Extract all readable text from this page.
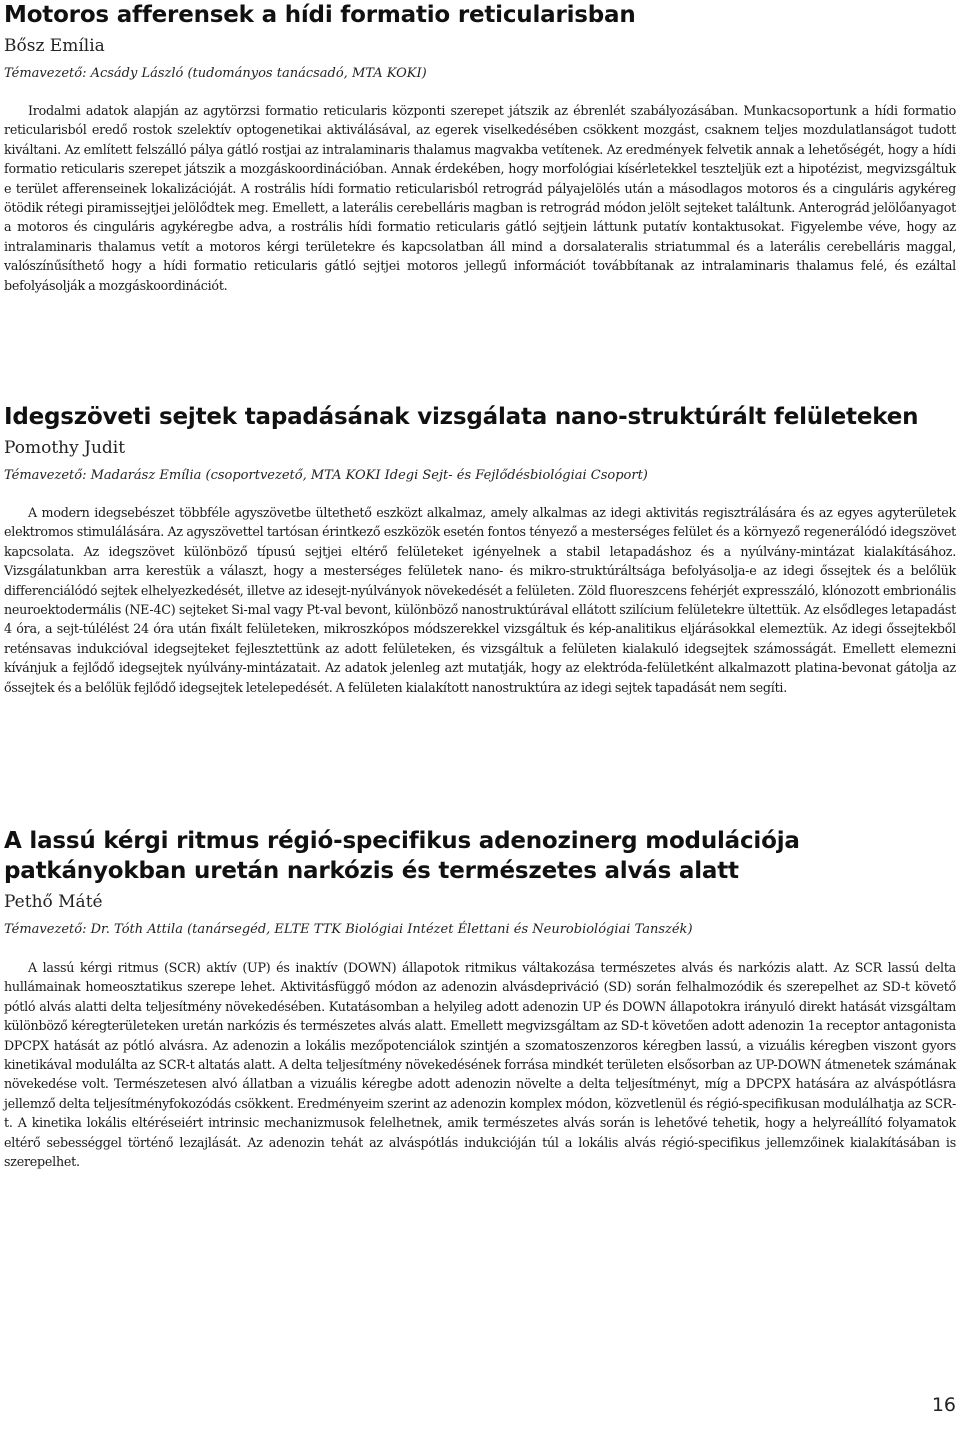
Motoros afferensek a hídi formatio reticularisban

Bősz Emília

Témavezető: Acsády László (tudományos tanácsadó, MTA KOKI)

Irodalmi adatok alapján az agytörzsi formatio reticularis központi szerepet játszik az ébrenlét szabályozásában. Munkacsoportunk a hídi formatio reticularisból eredő rostok szelektív optogenetikai aktiválásával, az egerek viselkedésében csökkent mozgást, csaknem teljes mozdulatlanságot tudott kiváltani. Az említett felszálló pálya gátló rostjai az intralaminaris thalamus magvakba vetítenek. Az eredmények felvetik annak a lehetőségét, hogy a hídi formatio reticularis szerepet játszik a mozgáskoordinációban. Annak érdekében, hogy morfológiai kísérletekkel teszteljük ezt a hipotézist, megvizsgáltuk e terület afferenseinek lokalizációját. A rostrális hídi formatio reticularisból retrográd pályajelölés után a másodlagos motoros és a cinguláris agykéreg ötödik rétegi piramissejtjei jelölődtek meg. Emellett, a laterális cerebelláris magban is retrográd módon jelölt sejteket találtunk. Anterográd jelölőanyagot a motoros és cinguláris agykéregbe adva, a rostrális hídi formatio reticularis gátló sejtjein láttunk putatív kontaktusokat. Figyelembe véve, hogy az intralaminaris thalamus vetít a motoros kérgi területekre és kapcsolatban áll mind a dorsalateralis striatummal és a laterális cerebelláris maggal, valószínűsíthető hogy a hídi formatio reticularis gátló sejtjei motoros jellegű információt továbbítanak az intralaminaris thalamus felé, és ezáltal befolyásolják a mozgáskoordinációt.

Idegszöveti sejtek tapadásának vizsgálata nano-struktúrált felületeken

Pomothy Judit

Témavezető: Madarász Emília (csoportvezető, MTA KOKI Idegi Sejt- és Fejlődésbiológiai Csoport)

A modern idegsebészet többféle agyszövetbe ültethető eszközt alkalmaz, amely alkalmas az idegi aktivitás regisztrálására és az egyes agyterületek elektromos stimulálására. Az agyszövettel tartósan érintkező eszközök esetén fontos tényező a mesterséges felület és a környező regenerálódó idegszövet kapcsolata. Az idegszövet különböző típusú sejtjei eltérő felületeket igényelnek a stabil letapadáshoz és a nyúlvány-mintázat kialakításához. Vizsgálatunkban arra kerestük a választ, hogy a mesterséges felületek nano- és mikro-struktúráltsága befolyásolja-e az idegi őssejtek és a belőlük differenciálódó sejtek elhelyezkedését, illetve az idesejt-nyúlványok növekedését a felületen. Zöld fluoreszcens fehérjét expresszáló, klónozott embrionális neuroektodermális (NE-4C) sejteket Si-mal vagy Pt-val bevont, különböző nanostruktúrával ellátott szilícium felületekre ültettük. Az elsődleges letapadást 4 óra, a sejt-túlélést 24 óra után fixált felületeken, mikroszkópos módszerekkel vizsgáltuk és kép-analitikus eljárásokkal elemeztük. Az idegi őssejtekből reténsavas indukcióval idegsejteket fejlesztettünk az adott felületeken, és vizsgáltuk a felületen kialakuló idegsejtek számosságát. Emellett elemezni kívánjuk a fejlődő idegsejtek nyúlvány-mintázatait. Az adatok jelenleg azt mutatják, hogy az elektróda-felületként alkalmazott platina-bevonat gátolja az őssejtek és a belőlük fejlődő idegsejtek letelepedését. A felületen kialakított nanostruktúra az idegi sejtek tapadását nem segíti.

A lassú kérgi ritmus régió-specifikus adenozinerg modulációja patkányokban uretán narkózis és természetes alvás alatt

Pethő Máté

Témavezető: Dr. Tóth Attila (tanársegéd, ELTE TTK Biológiai Intézet Élettani és Neurobiológiai Tanszék)

A lassú kérgi ritmus (SCR) aktív (UP) és inaktív (DOWN) állapotok ritmikus váltakozása természetes alvás és narkózis alatt. Az SCR lassú delta hullámainak homeosztatikus szerepe lehet. Aktivitásfüggő módon az adenozin alvásdepriváció (SD) során felhalmozódik és szerepelhet az SD-t követő pótló alvás alatti delta teljesítmény növekedésében. Kutatásomban a helyileg adott adenozin UP és DOWN állapotokra irányuló direkt hatását vizsgáltam különböző kéregterületeken uretán narkózis és természetes alvás alatt. Emellett megvizsgáltam az SD-t követően adott adenozin 1a receptor antagonista DPCPX hatását az pótló alvásra. Az adenozin a lokális mezőpotenciálok szintjén a szomatoszenzoros kéregben lassú, a vizuális kéregben viszont gyors kinetikával modulálta az SCR-t altatás alatt. A delta teljesítmény növekedésének forrása mindkét területen elsősorban az UP-DOWN átmenetek számának növekedése volt. Természetesen alvó állatban a vizuális kéregbe adott adenozin növelte a delta teljesítményt, míg a DPCPX hatására az alváspótlásra jellemző delta teljesítményfokozódás csökkent. Eredményeim szerint az adenozin komplex módon, közvetlenül és régió-specifikusan modulálhatja az SCR-t. A kinetika lokális eltéréseiért intrinsic mechanizmusok felelhetnek, amik természetes alvás során is lehetővé tehetik, hogy a helyreállító folyamatok eltérő sebességgel történő lezajlását. Az adenozin tehát az alváspótlás indukcióján túl a lokális alvás régió-specifikus jellemzőinek kialakításában is szerepelhet.

16
